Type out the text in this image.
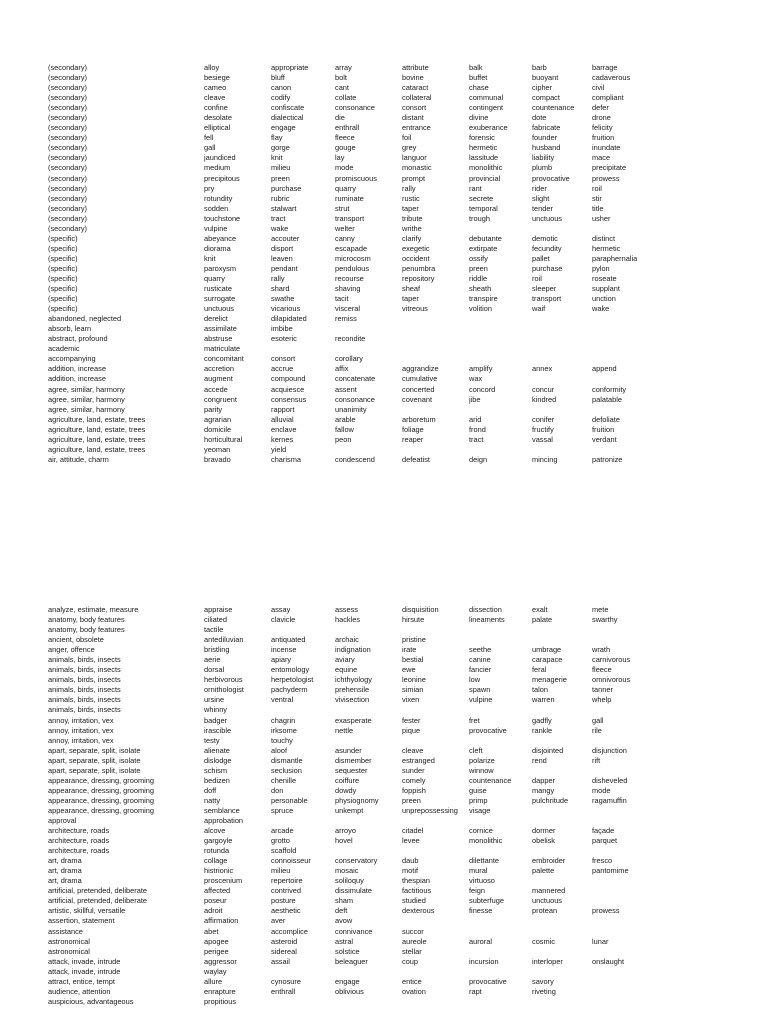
(secondary)	alloy	appropriate	array	attribute	balk	barb	barrage
(secondary)	besiege	bluff	bolt	bovine	buffet	buoyant	cadaverous
(secondary)	cameo	canon	cant	cataract	chase	cipher	civil
(secondary)	cleave	codify	collate	collateral	communal	compact	compliant
(secondary)	confine	confiscate	consonance	consort	contingent	countenance	defer
(secondary)	desolate	dialectical	die	distant	divine	dote	drone
(secondary)	elliptical	engage	enthrall	entrance	exuberance	fabricate	felicity
(secondary)	fell	flay	fleece	foil	forensic	founder	fruition
(secondary)	gall	gorge	gouge	grey	hermetic	husband	inundate
(secondary)	jaundiced	knit	lay	languor	lassitude	liability	mace
(secondary)	medium	milieu	mode	monastic	monolithic	plumb	precipitate
(secondary)	precipitous	preen	promiscuous	prompt	provincial	provocative	prowess
(secondary)	pry	purchase	quarry	rally	rant	rider	roil
(secondary)	rotundity	rubric	ruminate	rustic	secrete	slight	stir
(secondary)	sodden	stalwart	strut	taper	temporal	tender	title
(secondary)	touchstone	tract	transport	tribute	trough	unctuous	usher
(secondary)	vulpine	wake	welter	writhe			
(specific)	abeyance	accouter	canny	clarify	debutante	demotic	distinct
(specific)	diorama	disport	escapade	exegetic	extirpate	fecundity	hermetic
(specific)	knit	leaven	microcosm	occident	ossify	pallet	paraphernalia
(specific)	paroxysm	pendant	pendulous	penumbra	preen	purchase	pylon
(specific)	quarry	rally	recourse	repository	riddle	roil	roseate
(specific)	rusticate	shard	shaving	sheaf	sheath	sleeper	supplant
(specific)	surrogate	swathe	tacit	taper	transpire	transport	unction
(specific)	unctuous	vicarious	visceral	vitreous	volition	waif	wake
abandoned, neglected	derelict	dilapidated	remiss				
absorb, learn	assimilate	imbibe					
abstract, profound	abstruse	esoteric	recondite				
academic	matriculate						
accompanying	concomitant	consort	corollary				
addition, increase	accretion	accrue	affix	aggrandize	amplify	annex	append
addition, increase	augment	compound	concatenate	cumulative	wax		
agree, similar, harmony	accede	acquiesce	assent	concerted	concord	concur	conformity
agree, similar, harmony	congruent	consensus	consonance	covenant	jibe	kindred	palatable
agree, similar, harmony	parity	rapport	unanimity				
agriculture, land, estate, trees	agrarian	alluvial	arable	arboretum	arid	conifer	defoliate
agriculture, land, estate, trees	domicile	enclave	fallow	foliage	frond	fructify	fruition
agriculture, land, estate, trees	horticultural	kernes	peon	reaper	tract	vassal	verdant
agriculture, land, estate, trees	yeoman	yield					
air, attitude, charm	bravado	charisma	condescend	defeatist	deign	mincing	patronize
analyze, estimate, measure	appraise	assay	assess	disquisition	dissection	exalt	mete
anatomy, body features	ciliated	clavicle	hackles	hirsute	lineaments	palate	swarthy
anatomy, body features	tactile						
ancient, obsolete	antediluvian	antiquated	archaic	pristine			
anger, offence	bristling	incense	indignation	irate	seethe	umbrage	wrath
animals, birds, insects	aerie	apiary	aviary	bestial	canine	carapace	carnivorous
animals, birds, insects	dorsal	entomology	equine	ewe	fancier	feral	fleece
animals, birds, insects	herbivorous	herpetologist	ichthyology	leonine	low	menagerie	omnivorous
animals, birds, insects	ornithologist	pachyderm	prehensile	simian	spawn	talon	tanner
animals, birds, insects	ursine	ventral	vivisection	vixen	vulpine	warren	whelp
animals, birds, insects	whinny						
annoy, irritation, vex	badger	chagrin	exasperate	fester	fret	gadfly	gall
annoy, irritation, vex	irascible	irksome	nettle	pique	provocative	rankle	rile
annoy, irritation, vex	testy	touchy					
apart, separate, split, isolate	alienate	aloof	asunder	cleave	cleft	disjointed	disjunction
apart, separate, split, isolate	dislodge	dismantle	dismember	estranged	polarize	rend	rift
apart, separate, split, isolate	schism	seclusion	sequester	sunder	winnow		
appearance, dressing, grooming	bedizen	chenille	coiffure	comely	countenance	dapper	disheveled
appearance, dressing, grooming	doff	don	dowdy	foppish	guise	mangy	mode
appearance, dressing, grooming	natty	personable	physiognomy	preen	primp	pulchritude	ragamuffin
appearance, dressing, grooming	semblance	spruce	unkempt	unprepossessing	visage		
approval	approbation						
architecture, roads	alcove	arcade	arroyo	citadel	cornice	dormer	façade
architecture, roads	gargoyle	grotto	hovel	levee	monolithic	obelisk	parquet
architecture, roads	rotunda	scaffold					
art, drama	collage	connoisseur	conservatory	daub	dilettante	embroider	fresco
art, drama	histrionic	milieu	mosaic	motif	mural	palette	pantomime
art, drama	proscenium	repertoire	soliloquy	thespian	virtuoso		
artificial, pretended, deliberate	affected	contrived	dissimulate	factitious	feign	mannered	
artificial, pretended, deliberate	poseur	posture	sham	studied	subterfuge	unctuous	
artistic, skillful, versatile	adroit	aesthetic	deft	dexterous	finesse	protean	prowess
assertion, statement	affirmation	aver	avow				
assistance	abet	accomplice	connivance	succor			
astronomical	apogee	asteroid	astral	aureole	auroral	cosmic	lunar
astronomical	perigee	sidereal	solstice	stellar			
attack, invade, intrude	aggressor	assail	beleaguer	coup	incursion	interloper	onslaught
attack, invade, intrude	waylay						
attract, entice, tempt	allure	cynosure	engage	entice	provocative	savory	
audience, attention	enrapture	enthrall	oblivious	ovation	rapt	riveting	
auspicious, advantageous	propitious						
